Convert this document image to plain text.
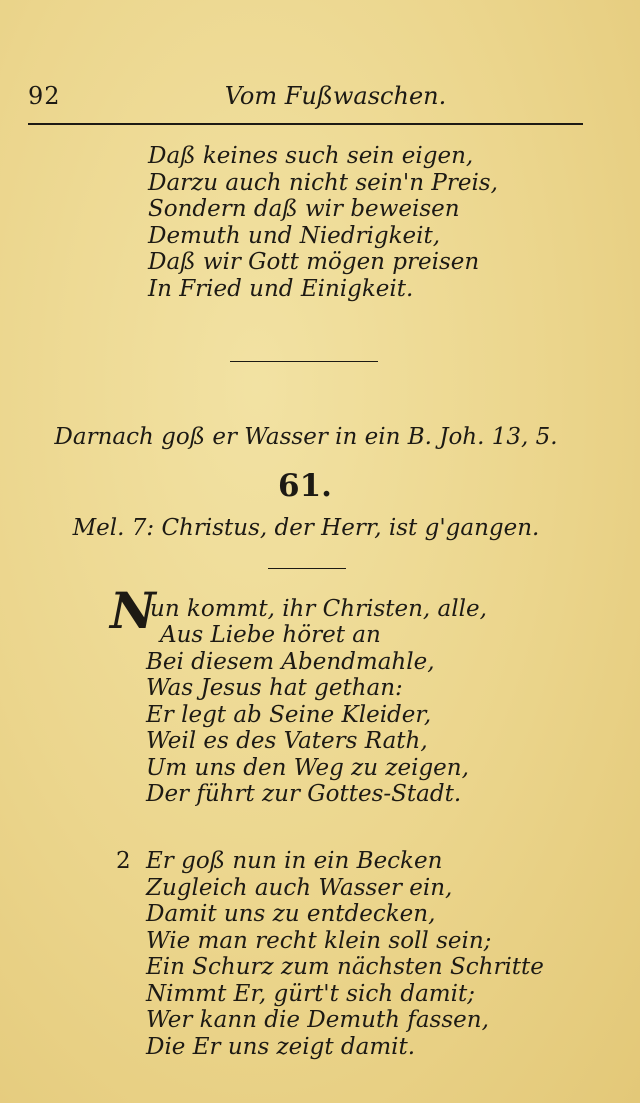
92	Vom Fußwaschen.
Daß keines such sein eigen,
Darzu auch nicht sein'n Preis,
Sondern daß wir beweisen
Demuth und Niedrigkeit,
Daß wir Gott mögen preisen
In Fried und Einigkeit.
Darnach goß er Wasser in ein B. Joh. 13, 5.
61.
Mel. 7: Christus, der Herr, ist g'gangen.
N
un kommt, ihr Christen, alle,
Aus Liebe höret an
Bei diesem Abendmahle,
Was Jesus hat gethan:
Er legt ab Seine Kleider,
Weil es des Vaters Rath,
Um uns den Weg zu zeigen,
Der führt zur Gottes-Stadt.
2 Er goß nun in ein Becken
Zugleich auch Wasser ein,
Damit uns zu entdecken,
Wie man recht klein soll sein;
Ein Schurz zum nächsten Schritte
Nimmt Er, gürt't sich damit;
Wer kann die Demuth fassen,
Die Er uns zeigt damit.
